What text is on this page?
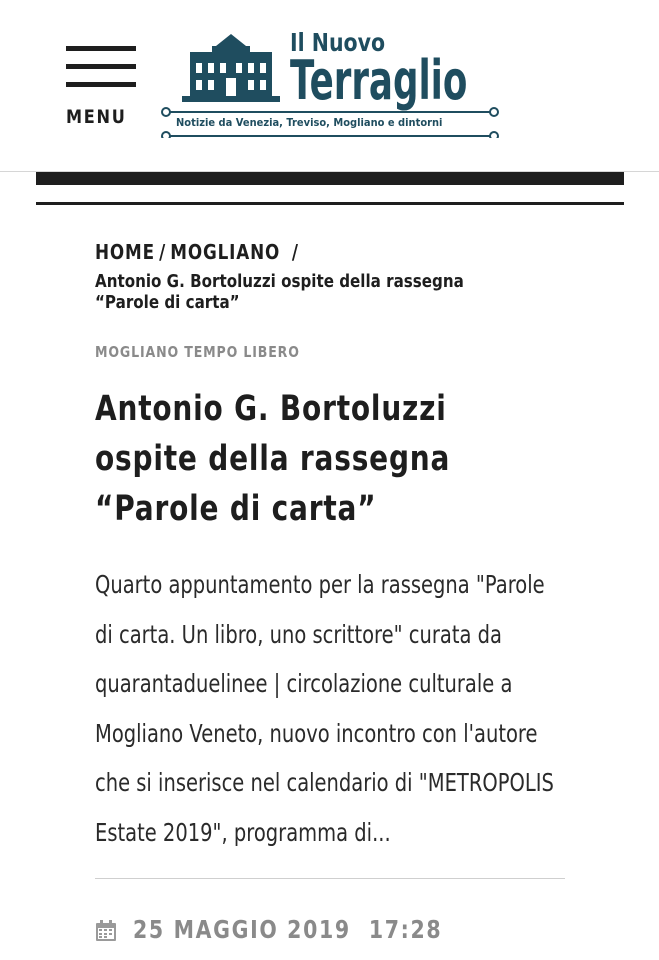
MENU
Il Nuovo
Terraglio
Notizie da Venezia, Treviso, Mogliano e dintorni
HOME / MOGLIANO /
Antonio G. Bortoluzzi ospite della rassegna “Parole di carta”
MOGLIANO TEMPO LIBERO
Antonio G. Bortoluzzi ospite della rassegna “Parole di carta”

Quarto appuntamento per la rassegna "Parole di carta. Un libro, uno scrittore" curata da quarantaduelinee | circolazione culturale a Mogliano Veneto, nuovo incontro con l'autore che si inserisce nel calendario di "METROPOLIS Estate 2019", programma di...

25 MAGGIO 2019 17:28
